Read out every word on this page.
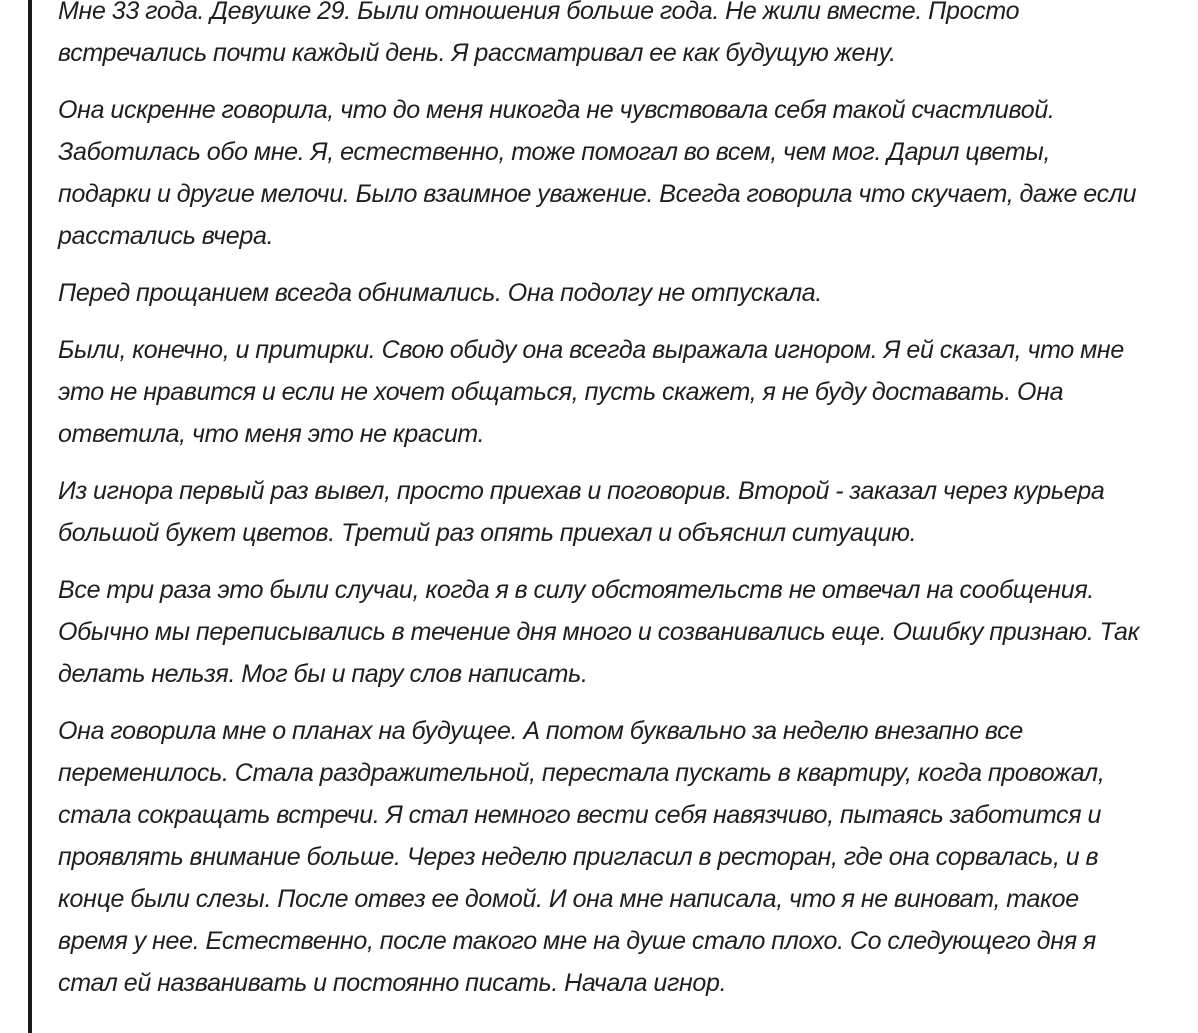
Мне 33 года. Девушке 29. Были отношения больше года. Не жили вместе. Просто встречались почти каждый день. Я рассматривал ее как будущую жену.

Она искренне говорила, что до меня никогда не чувствовала себя такой счастливой. Заботилась обо мне. Я, естественно, тоже помогал во всем, чем мог. Дарил цветы, подарки и другие мелочи. Было взаимное уважение. Всегда говорила что скучает, даже если расстались вчера.

Перед прощанием всегда обнимались. Она подолгу не отпускала.

Были, конечно, и притирки. Свою обиду она всегда выражала игнором. Я ей сказал, что мне это не нравится и если не хочет общаться, пусть скажет, я не буду доставать. Она ответила, что меня это не красит.

Из игнора первый раз вывел, просто приехав и поговорив. Второй - заказал через курьера большой букет цветов. Третий раз опять приехал и объяснил ситуацию.

Все три раза это были случаи, когда я в силу обстоятельств не отвечал на сообщения. Обычно мы переписывались в течение дня много и созванивались еще. Ошибку признаю. Так делать нельзя. Мог бы и пару слов написать.

Она говорила мне о планах на будущее. А потом буквально за неделю внезапно все переменилось. Стала раздражительной, перестала пускать в квартиру, когда провожал, стала сокращать встречи. Я стал немного вести себя навязчиво, пытаясь заботится и проявлять внимание больше. Через неделю пригласил в ресторан, где она сорвалась, и в конце были слезы. После отвез ее домой. И она мне написала, что я не виноват, такое время у нее. Естественно, после такого мне на душе стало плохо. Со следующего дня я стал ей названивать и постоянно писать. Начала игнор.
